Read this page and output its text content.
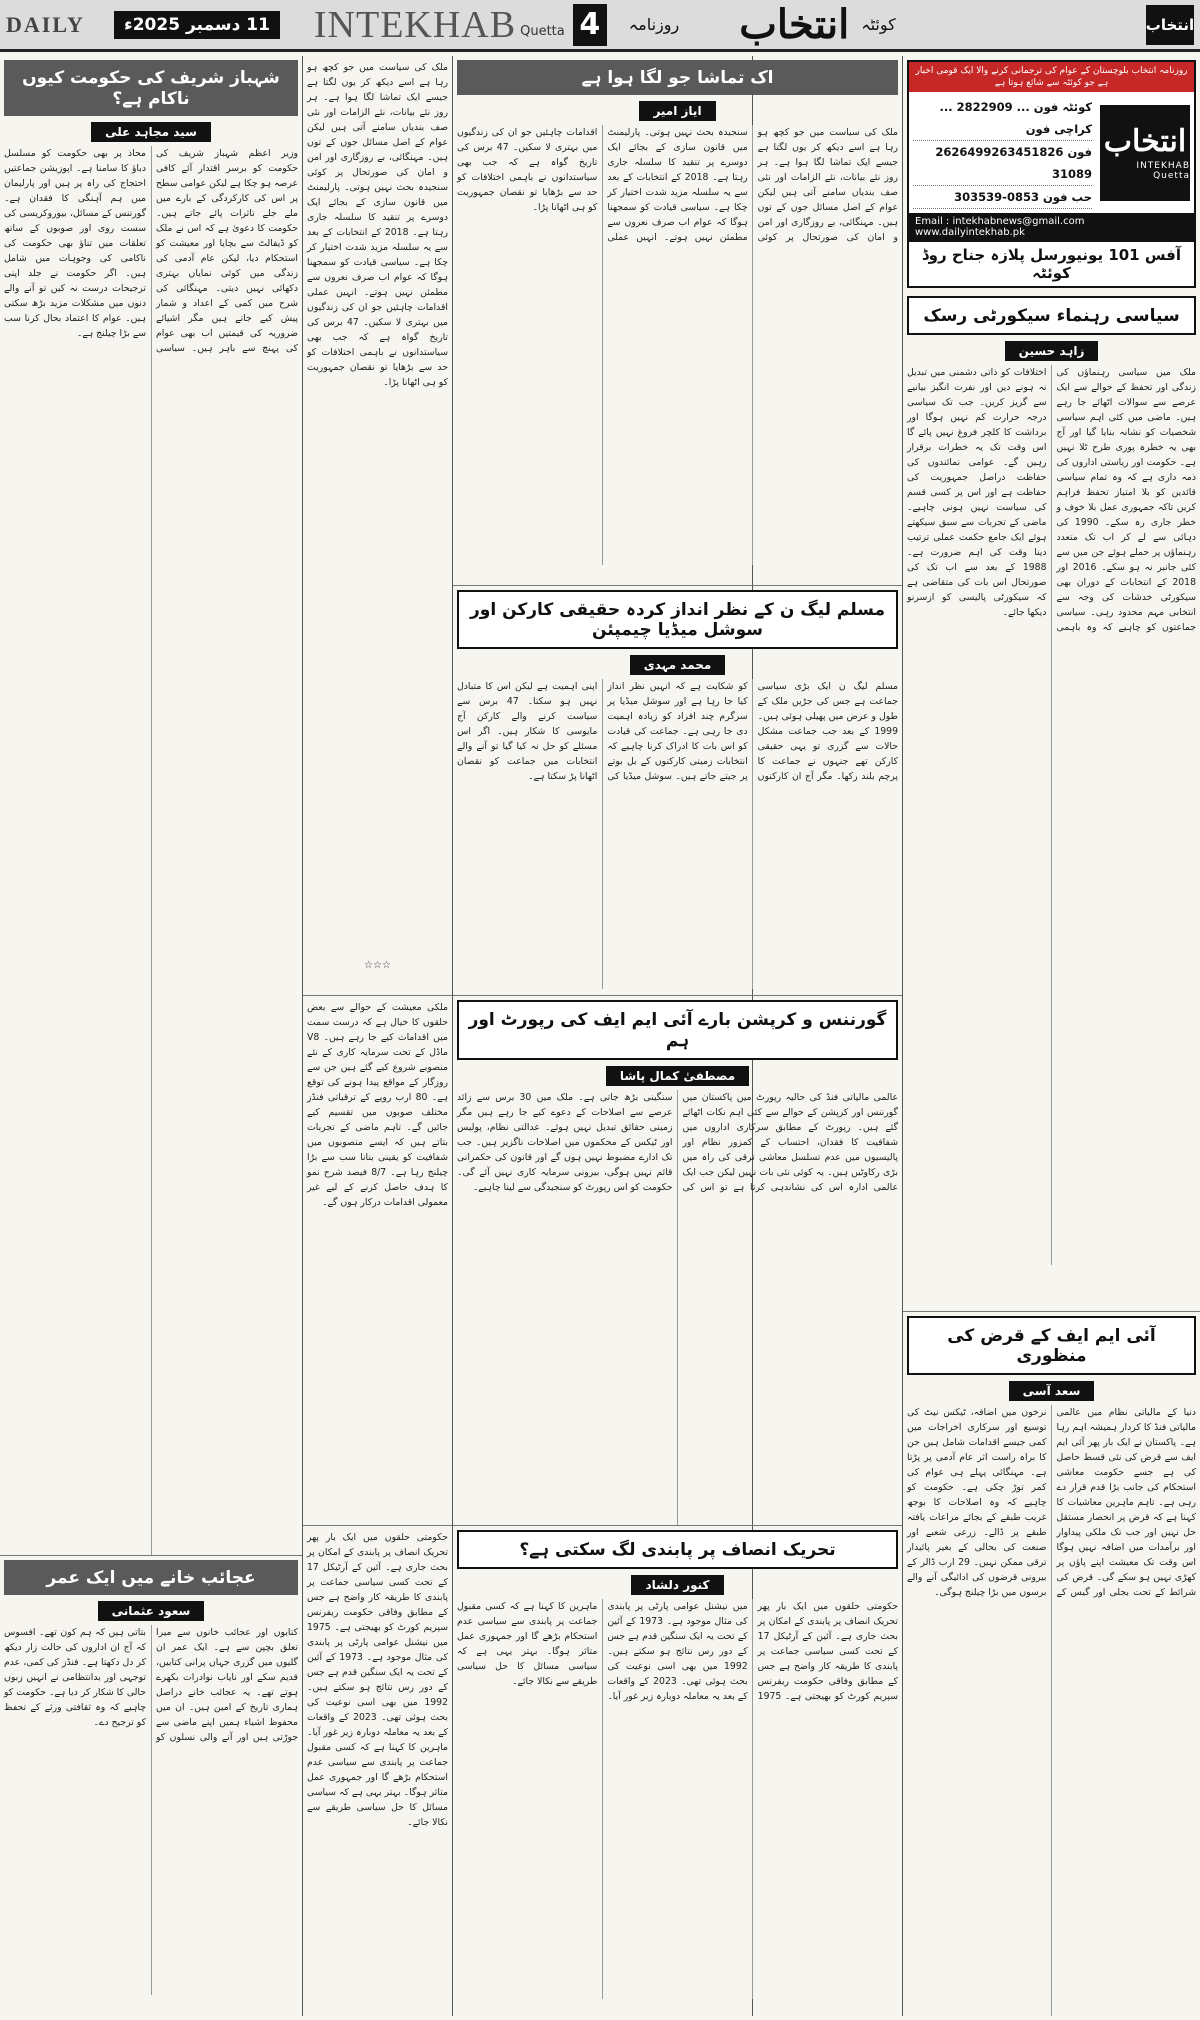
DAILY	11 دسمبر 2025ء INTEKHAB Quetta 4	روزنامہ انتخاب کوئٹہ	انتخاب
روزنامہ انتخاب بلوچستان کے عوام کی ترجمانی کرنے والا ایک قومی اخبار ہے جو کوئٹہ سے شائع ہوتا ہے
انتخاب
INTEKHAB Quetta
کوئٹہ فون ... 2822909 ... کراچی فون
فون 2626499263451826 31089
حب فون 0853-303539
Email : intekhabnews@gmail.com www.dailyintekhab.pk
آفس 101 یونیورسل پلازہ جناح روڈ کوئٹہ
سیاسی رہنماء سیکورٹی رسک
زاہد حسین
ملک میں سیاسی رہنماؤں کی زندگی اور تحفظ کے حوالے سے ایک عرصے سے سوالات اٹھائے جا رہے ہیں۔ ماضی میں کئی اہم سیاسی شخصیات کو نشانہ بنایا گیا اور آج بھی یہ خطرہ پوری طرح ٹلا نہیں ہے۔ حکومت اور ریاستی اداروں کی ذمہ داری ہے کہ وہ تمام سیاسی قائدین کو بلا امتیاز تحفظ فراہم کریں تاکہ جمہوری عمل بلا خوف و خطر جاری رہ سکے۔ 1990 کی دہائی سے لے کر اب تک متعدد رہنماؤں پر حملے ہوئے جن میں سے کئی جانبر نہ ہو سکے۔ 2016 اور 2018 کے انتخابات کے دوران بھی سیکورٹی خدشات کی وجہ سے انتخابی مہم محدود رہی۔ سیاسی جماعتوں کو چاہیے کہ وہ باہمی اختلافات کو ذاتی دشمنی میں تبدیل نہ ہونے دیں اور نفرت انگیز بیانیے سے گریز کریں۔ جب تک سیاسی درجہ حرارت کم نہیں ہوگا اور برداشت کا کلچر فروغ نہیں پائے گا اس وقت تک یہ خطرات برقرار رہیں گے۔ عوامی نمائندوں کی حفاظت دراصل جمہوریت کی حفاظت ہے اور اس پر کسی قسم کی سیاست نہیں ہونی چاہیے۔ ماضی کے تجربات سے سبق سیکھتے ہوئے ایک جامع حکمت عملی ترتیب دینا وقت کی اہم ضرورت ہے۔ 1988 کے بعد سے اب تک کی صورتحال اس بات کی متقاضی ہے کہ سیکورٹی پالیسی کو ازسرنو دیکھا جائے۔
آئی ایم ایف کے قرض کی منظوری
سعد آسی
دنیا کے مالیاتی نظام میں عالمی مالیاتی فنڈ کا کردار ہمیشہ اہم رہا ہے۔ پاکستان نے ایک بار پھر آئی ایم ایف سے قرض کی نئی قسط حاصل کی ہے جسے حکومت معاشی استحکام کی جانب بڑا قدم قرار دے رہی ہے۔ تاہم ماہرین معاشیات کا کہنا ہے کہ قرض پر انحصار مستقل حل نہیں اور جب تک ملکی پیداوار اور برآمدات میں اضافہ نہیں ہوگا اس وقت تک معیشت اپنے پاؤں پر کھڑی نہیں ہو سکے گی۔ قرض کی شرائط کے تحت بجلی اور گیس کے نرخوں میں اضافہ، ٹیکس نیٹ کی توسیع اور سرکاری اخراجات میں کمی جیسے اقدامات شامل ہیں جن کا براہ راست اثر عام آدمی پر پڑتا ہے۔ مہنگائی پہلے ہی عوام کی کمر توڑ چکی ہے۔ حکومت کو چاہیے کہ وہ اصلاحات کا بوجھ غریب طبقے کے بجائے مراعات یافتہ طبقے پر ڈالے۔ زرعی شعبے اور صنعت کی بحالی کے بغیر پائیدار ترقی ممکن نہیں۔ 29 ارب ڈالر کے بیرونی قرضوں کی ادائیگی آنے والے برسوں میں بڑا چیلنج ہوگی۔
اک تماشا جو لگا ہوا ہے
ایاز امیر
ملک کی سیاست میں جو کچھ ہو رہا ہے اسے دیکھ کر یوں لگتا ہے جیسے ایک تماشا لگا ہوا ہے۔ ہر روز نئے بیانات، نئے الزامات اور نئی صف بندیاں سامنے آتی ہیں لیکن عوام کے اصل مسائل جوں کے توں ہیں۔ مہنگائی، بے روزگاری اور امن و امان کی صورتحال پر کوئی سنجیدہ بحث نہیں ہوتی۔ پارلیمنٹ میں قانون سازی کے بجائے ایک دوسرے پر تنقید کا سلسلہ جاری رہتا ہے۔ 2018 کے انتخابات کے بعد سے یہ سلسلہ مزید شدت اختیار کر چکا ہے۔ سیاسی قیادت کو سمجھنا ہوگا کہ عوام اب صرف نعروں سے مطمئن نہیں ہوتے۔ انہیں عملی اقدامات چاہئیں جو ان کی زندگیوں میں بہتری لا سکیں۔ 47 برس کی تاریخ گواہ ہے کہ جب بھی سیاستدانوں نے باہمی اختلافات کو حد سے بڑھایا تو نقصان جمہوریت کو ہی اٹھانا پڑا۔
مسلم لیگ ن کے نظر انداز کردہ حقیقی کارکن اور سوشل میڈیا چیمپئن
محمد مہدی
مسلم لیگ ن ایک بڑی سیاسی جماعت ہے جس کی جڑیں ملک کے طول و عرض میں پھیلی ہوئی ہیں۔ 1999 کے بعد جب جماعت مشکل حالات سے گزری تو یہی حقیقی کارکن تھے جنہوں نے جماعت کا پرچم بلند رکھا۔ مگر آج ان کارکنوں کو شکایت ہے کہ انہیں نظر انداز کیا جا رہا ہے اور سوشل میڈیا پر سرگرم چند افراد کو زیادہ اہمیت دی جا رہی ہے۔ جماعت کی قیادت کو اس بات کا ادراک کرنا چاہیے کہ انتخابات زمینی کارکنوں کے بل بوتے پر جیتے جاتے ہیں۔ سوشل میڈیا کی اپنی اہمیت ہے لیکن اس کا متبادل نہیں ہو سکتا۔ 47 برس سے سیاست کرنے والے کارکن آج مایوسی کا شکار ہیں۔ اگر اس مسئلے کو حل نہ کیا گیا تو آنے والے انتخابات میں جماعت کو نقصان اٹھانا پڑ سکتا ہے۔
گورننس و کرپشن بارے آئی ایم ایف کی رپورٹ اور ہم
مصطفیٰ کمال پاشا
عالمی مالیاتی فنڈ کی حالیہ رپورٹ میں پاکستان میں گورننس اور کرپشن کے حوالے سے کئی اہم نکات اٹھائے گئے ہیں۔ رپورٹ کے مطابق سرکاری اداروں میں شفافیت کا فقدان، احتساب کے کمزور نظام اور پالیسیوں میں عدم تسلسل معاشی ترقی کی راہ میں بڑی رکاوٹیں ہیں۔ یہ کوئی نئی بات نہیں لیکن جب ایک عالمی ادارہ اس کی نشاندہی کرتا ہے تو اس کی سنگینی بڑھ جاتی ہے۔ ملک میں 30 برس سے زائد عرصے سے اصلاحات کے دعوے کیے جا رہے ہیں مگر زمینی حقائق تبدیل نہیں ہوئے۔ عدالتی نظام، پولیس اور ٹیکس کے محکموں میں اصلاحات ناگزیر ہیں۔ جب تک ادارے مضبوط نہیں ہوں گے اور قانون کی حکمرانی قائم نہیں ہوگی، بیرونی سرمایہ کاری نہیں آئے گی۔ حکومت کو اس رپورٹ کو سنجیدگی سے لینا چاہیے۔
تحریک انصاف پر پابندی لگ سکتی ہے؟
کنور دلشاد
حکومتی حلقوں میں ایک بار پھر تحریک انصاف پر پابندی کے امکان پر بحث جاری ہے۔ آئین کے آرٹیکل 17 کے تحت کسی سیاسی جماعت پر پابندی کا طریقہ کار واضح ہے جس کے مطابق وفاقی حکومت ریفرنس سپریم کورٹ کو بھیجتی ہے۔ 1975 میں نیشنل عوامی پارٹی پر پابندی کی مثال موجود ہے۔ 1973 کے آئین کے تحت یہ ایک سنگین قدم ہے جس کے دور رس نتائج ہو سکتے ہیں۔ 1992 میں بھی اسی نوعیت کی بحث ہوئی تھی۔ 2023 کے واقعات کے بعد یہ معاملہ دوبارہ زیر غور آیا۔ ماہرین کا کہنا ہے کہ کسی مقبول جماعت پر پابندی سے سیاسی عدم استحکام بڑھے گا اور جمہوری عمل متاثر ہوگا۔ بہتر یہی ہے کہ سیاسی مسائل کا حل سیاسی طریقے سے نکالا جائے۔
ملک کی سیاست میں جو کچھ ہو رہا ہے اسے دیکھ کر یوں لگتا ہے جیسے ایک تماشا لگا ہوا ہے۔ ہر روز نئے بیانات، نئے الزامات اور نئی صف بندیاں سامنے آتی ہیں لیکن عوام کے اصل مسائل جوں کے توں ہیں۔ مہنگائی، بے روزگاری اور امن و امان کی صورتحال پر کوئی سنجیدہ بحث نہیں ہوتی۔ پارلیمنٹ میں قانون سازی کے بجائے ایک دوسرے پر تنقید کا سلسلہ جاری رہتا ہے۔ 2018 کے انتخابات کے بعد سے یہ سلسلہ مزید شدت اختیار کر چکا ہے۔ سیاسی قیادت کو سمجھنا ہوگا کہ عوام اب صرف نعروں سے مطمئن نہیں ہوتے۔ انہیں عملی اقدامات چاہئیں جو ان کی زندگیوں میں بہتری لا سکیں۔ 47 برس کی تاریخ گواہ ہے کہ جب بھی سیاستدانوں نے باہمی اختلافات کو حد سے بڑھایا تو نقصان جمہوریت کو ہی اٹھانا پڑا۔
☆☆☆
ملکی معیشت کے حوالے سے بعض حلقوں کا خیال ہے کہ درست سمت میں اقدامات کیے جا رہے ہیں۔ V8 ماڈل کے تحت سرمایہ کاری کے نئے منصوبے شروع کیے گئے ہیں جن سے روزگار کے مواقع پیدا ہونے کی توقع ہے۔ 80 ارب روپے کے ترقیاتی فنڈز مختلف صوبوں میں تقسیم کیے جائیں گے۔ تاہم ماضی کے تجربات بتاتے ہیں کہ ایسے منصوبوں میں شفافیت کو یقینی بنانا سب سے بڑا چیلنج رہا ہے۔ 8/7 فیصد شرح نمو کا ہدف حاصل کرنے کے لیے غیر معمولی اقدامات درکار ہوں گے۔
حکومتی حلقوں میں ایک بار پھر تحریک انصاف پر پابندی کے امکان پر بحث جاری ہے۔ آئین کے آرٹیکل 17 کے تحت کسی سیاسی جماعت پر پابندی کا طریقہ کار واضح ہے جس کے مطابق وفاقی حکومت ریفرنس سپریم کورٹ کو بھیجتی ہے۔ 1975 میں نیشنل عوامی پارٹی پر پابندی کی مثال موجود ہے۔ 1973 کے آئین کے تحت یہ ایک سنگین قدم ہے جس کے دور رس نتائج ہو سکتے ہیں۔ 1992 میں بھی اسی نوعیت کی بحث ہوئی تھی۔ 2023 کے واقعات کے بعد یہ معاملہ دوبارہ زیر غور آیا۔ ماہرین کا کہنا ہے کہ کسی مقبول جماعت پر پابندی سے سیاسی عدم استحکام بڑھے گا اور جمہوری عمل متاثر ہوگا۔ بہتر یہی ہے کہ سیاسی مسائل کا حل سیاسی طریقے سے نکالا جائے۔
شہباز شریف کی حکومت کیوں ناکام ہے؟
سید مجاہد علی
وزیر اعظم شہباز شریف کی حکومت کو برسر اقتدار آئے کافی عرصہ ہو چکا ہے لیکن عوامی سطح پر اس کی کارکردگی کے بارے میں ملے جلے تاثرات پائے جاتے ہیں۔ حکومت کا دعویٰ ہے کہ اس نے ملک کو ڈیفالٹ سے بچایا اور معیشت کو استحکام دیا، لیکن عام آدمی کی زندگی میں کوئی نمایاں بہتری دکھائی نہیں دیتی۔ مہنگائی کی شرح میں کمی کے اعداد و شمار پیش کیے جاتے ہیں مگر اشیائے ضروریہ کی قیمتیں اب بھی عوام کی پہنچ سے باہر ہیں۔ سیاسی محاذ پر بھی حکومت کو مسلسل دباؤ کا سامنا ہے۔ اپوزیشن جماعتیں احتجاج کی راہ پر ہیں اور پارلیمان میں ہم آہنگی کا فقدان ہے۔ گورننس کے مسائل، بیوروکریسی کی سست روی اور صوبوں کے ساتھ تعلقات میں تناؤ بھی حکومت کی ناکامی کی وجوہات میں شامل ہیں۔ اگر حکومت نے جلد اپنی ترجیحات درست نہ کیں تو آنے والے دنوں میں مشکلات مزید بڑھ سکتی ہیں۔ عوام کا اعتماد بحال کرنا سب سے بڑا چیلنج ہے۔
عجائب خانے میں ایک عمر
سعود عثمانی
کتابوں اور عجائب خانوں سے میرا تعلق بچپن سے ہے۔ ایک عمر ان گلیوں میں گزری جہاں پرانی کتابیں، قدیم سکے اور نایاب نوادرات بکھرے ہوتے تھے۔ یہ عجائب خانے دراصل ہماری تاریخ کے امین ہیں۔ ان میں محفوظ اشیاء ہمیں اپنے ماضی سے جوڑتی ہیں اور آنے والی نسلوں کو بتاتی ہیں کہ ہم کون تھے۔ افسوس کہ آج ان اداروں کی حالت زار دیکھ کر دل دکھتا ہے۔ فنڈز کی کمی، عدم توجہی اور بدانتظامی نے انہیں زبوں حالی کا شکار کر دیا ہے۔ حکومت کو چاہیے کہ وہ ثقافتی ورثے کے تحفظ کو ترجیح دے۔
